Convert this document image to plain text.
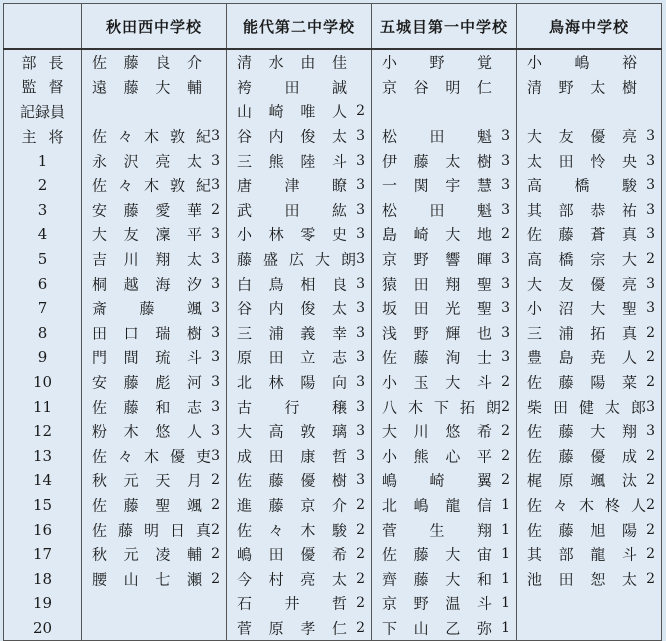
	秋田西中学校	能代第二中学校	五城目第一中学校	鳥海中学校
部長	佐藤良介	清水由佳	小野覚	小嶋裕

監督	遠藤大輔	袴田誠	京谷明仁	清野太樹

記録員		山崎唯人 2		

主将	佐々木敦紀 3	谷内俊太 3	松田魁 3	大友優亮 3

1	永沢亮太 3	三熊陸斗 3	伊藤太樹 3	太田怜央 3

2	佐々木敦紀 3	唐津瞭 3	一関宇慧 3	高橋駿 3

3	安藤愛華 2	武田紘 3	松田魁 3	其部恭祐 3

4	大友凜平 3	小林零史 3	島崎大地 2	佐藤蒼真 3

5	吉川翔太 3	藤盛広大朗 3	京野響暉 3	高橋宗大 2

6	桐越海汐 3	白鳥相良 3	猿田翔聖 3	大友優亮 3

7	斎藤颯 3	谷内俊太 3	坂田光聖 3	小沼大聖 3

8	田口瑞樹 3	三浦義幸 3	浅野輝也 3	三浦拓真 2

9	門間琉斗 3	原田立志 3	佐藤洵士 3	豊島尭人 2

10	安藤彪河 3	北林陽向 3	小玉大斗 2	佐藤陽菜 2

11	佐藤和志 3	古行穣 3	八木下拓朗 2	柴田健太郎 3

12	粉木悠人 3	大高敦璃 3	大川悠希 2	佐藤大翔 3

13	佐々木優吏 3	成田康哲 3	小熊心平 2	佐藤優成 2

14	秋元天月 2	佐藤優樹 3	嶋崎翼 2	梶原颯汰 2

15	佐藤聖颯 2	進藤京介 2	北嶋龍信 1	佐々木柊人 2

16	佐藤明日真 2	佐々木駿 2	菅生翔 1	佐藤旭陽 2

17	秋元凌輔 2	嶋田優希 2	佐藤大宙 1	其部龍斗 2

18	腰山七瀬 2	今村亮太 2	齊藤大和 1	池田恕太 2

19		石井哲 2	京野温斗 1	

20		菅原孝仁 2	下山乙弥 1	
